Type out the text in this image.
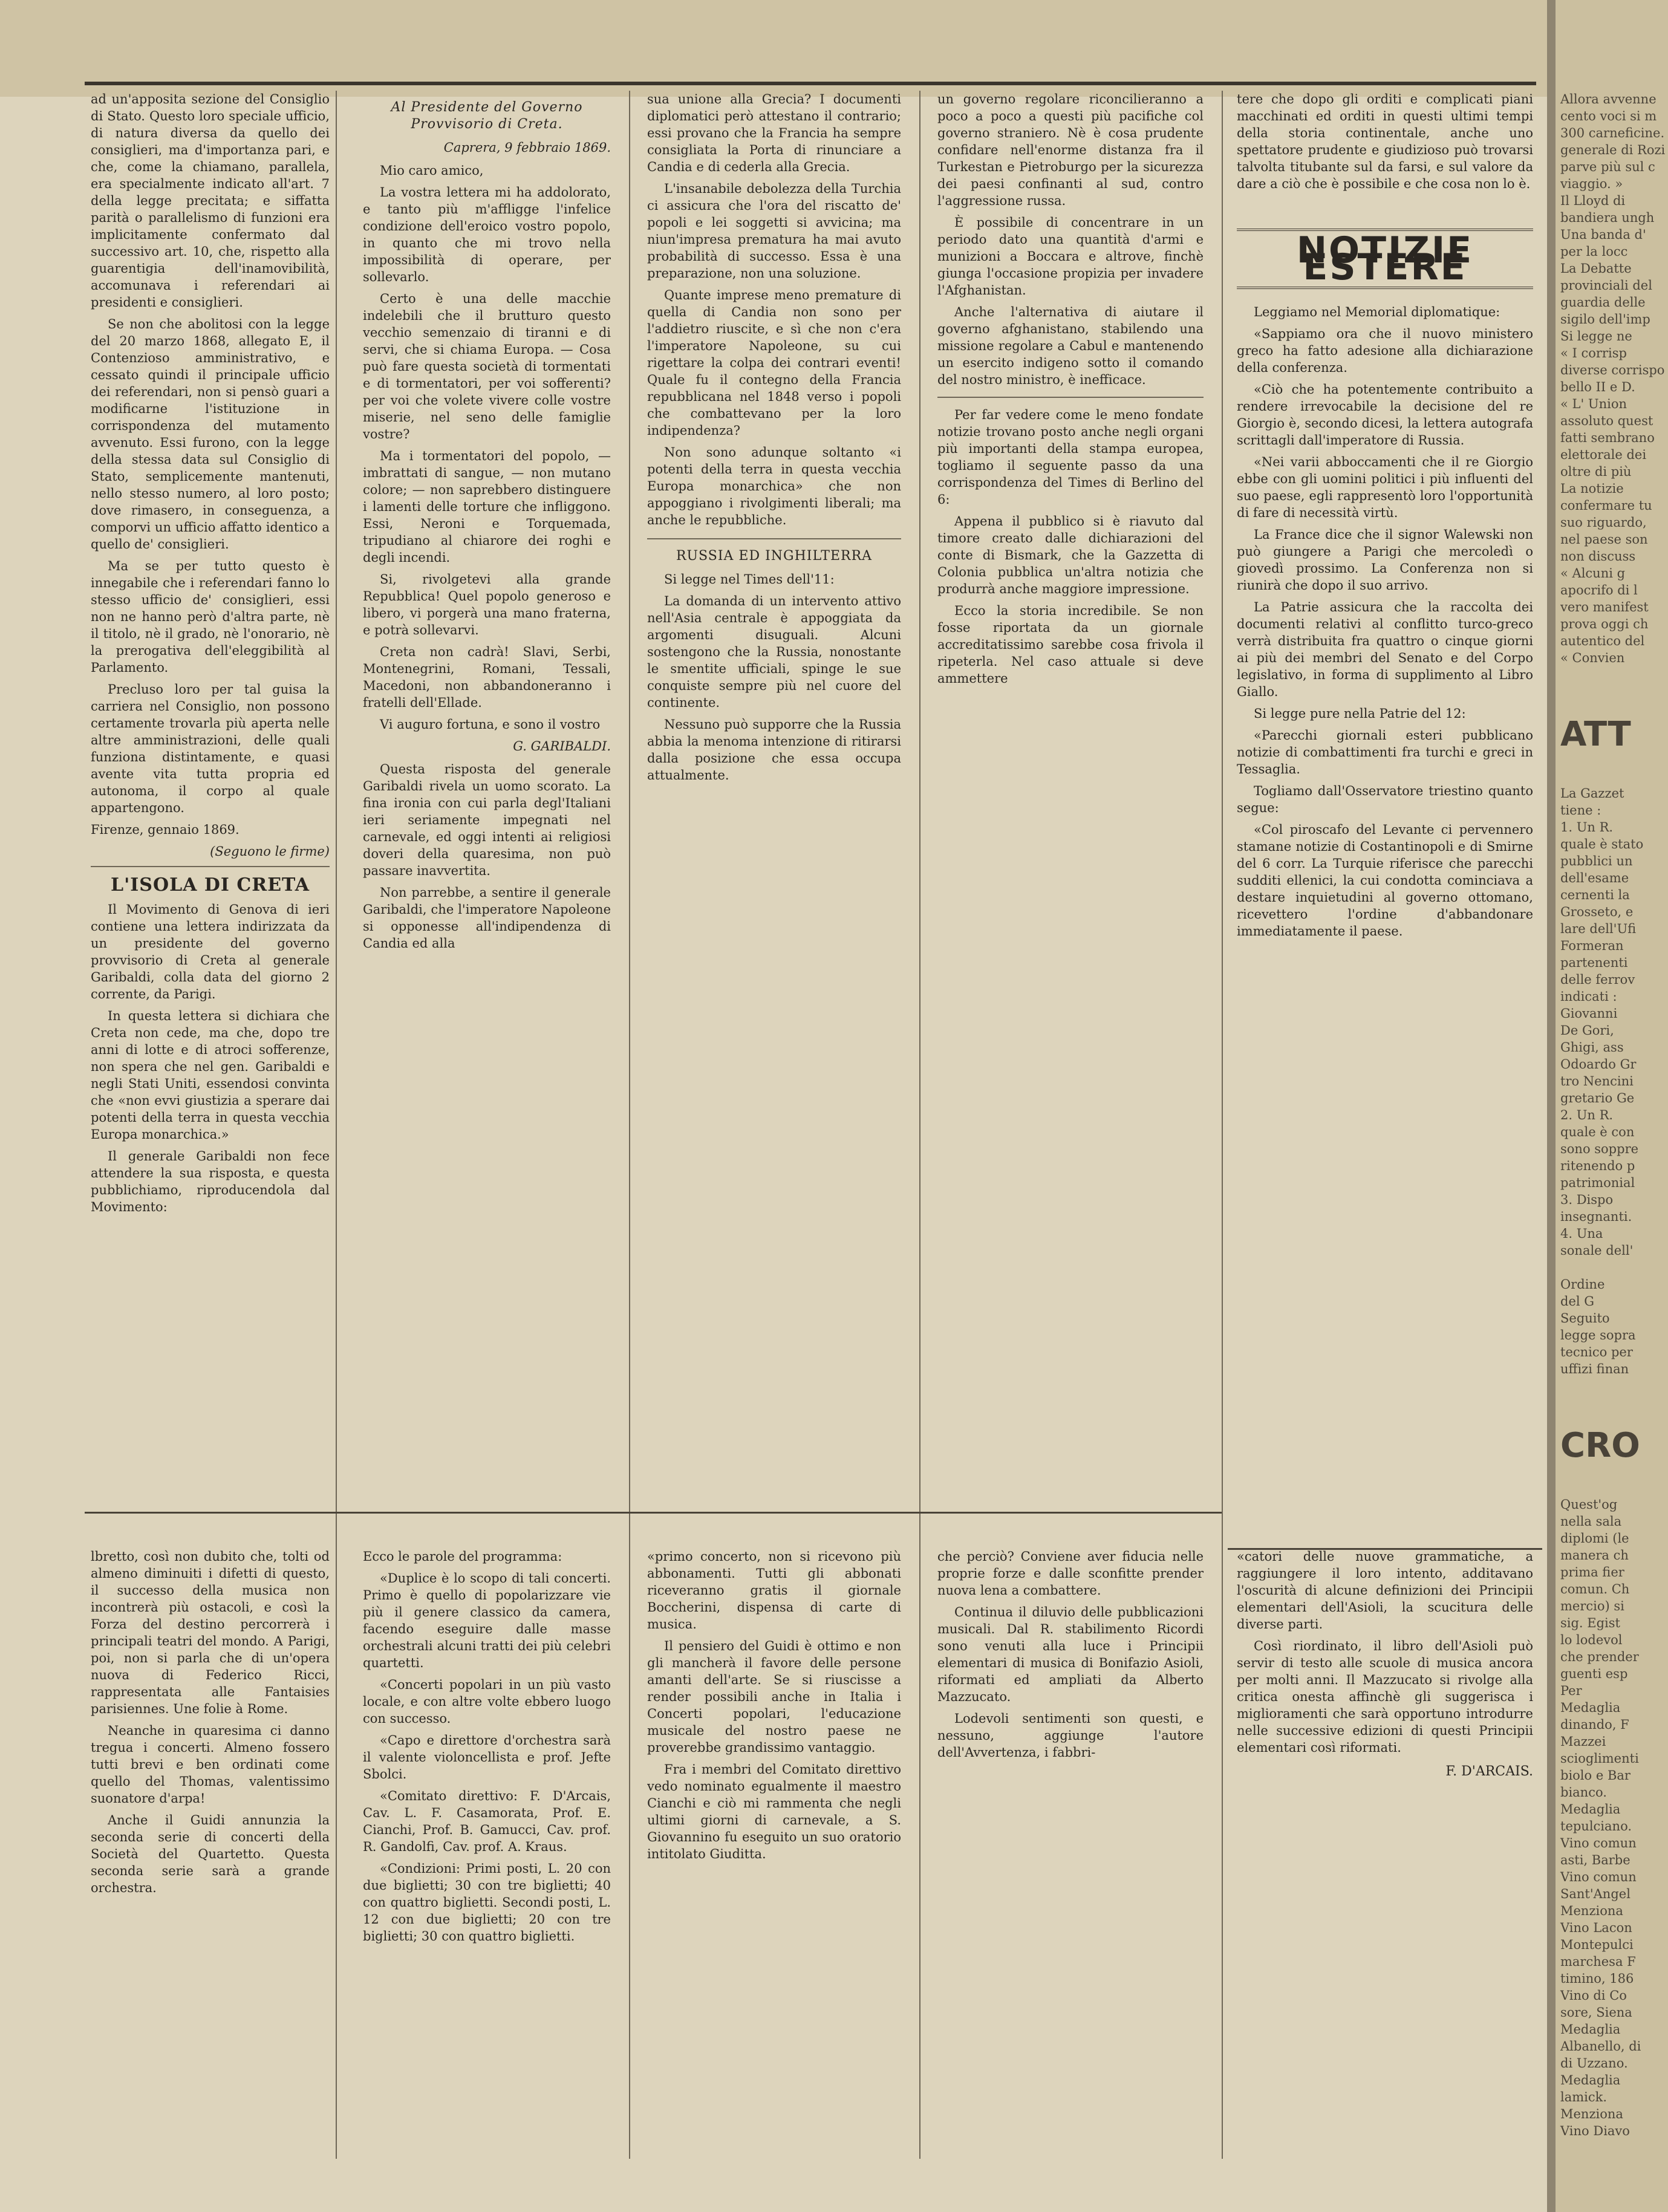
ad un'apposita sezione del Consiglio di Stato. Questo loro speciale ufficio, di natura diversa da quello dei consiglieri, ma d'importanza pari, e che, come la chiamano, parallela, era specialmente indicato all'art. 7 della legge precitata; e siffatta parità o parallelismo di funzioni era implicitamente confermato dal successivo art. 10, che, rispetto alla guarentigia dell'inamovibilità, accomunava i referendari ai presidenti e consiglieri.

Se non che abolitosi con la legge del 20 marzo 1868, allegato E, il Contenzioso amministrativo, e cessato quindi il principale ufficio dei referendari, non si pensò guari a modificarne l'istituzione in corrispondenza del mutamento avvenuto. Essi furono, con la legge della stessa data sul Consiglio di Stato, semplicemente mantenuti, nello stesso numero, al loro posto; dove rimasero, in conseguenza, a comporvi un ufficio affatto identico a quello de' consiglieri.

Ma se per tutto questo è innegabile che i referendari fanno lo stesso ufficio de' consiglieri, essi non ne hanno però d'altra parte, nè il titolo, nè il grado, nè l'onorario, nè la prerogativa dell'eleggibilità al Parlamento.

Precluso loro per tal guisa la carriera nel Consiglio, non possono certamente trovarla più aperta nelle altre amministrazioni, delle quali funziona distintamente, e quasi avente vita tutta propria ed autonoma, il corpo al quale appartengono.

Firenze, gennaio 1869.

(Seguono le firme)
L'ISOLA DI CRETA

Il Movimento di Genova di ieri contiene una lettera indirizzata da un presidente del governo provvisorio di Creta al generale Garibaldi, colla data del giorno 2 corrente, da Parigi.

In questa lettera si dichiara che Creta non cede, ma che, dopo tre anni di lotte e di atroci sofferenze, non spera che nel gen. Garibaldi e negli Stati Uniti, essendosi convinta che «non evvi giustizia a sperare dai potenti della terra in questa vecchia Europa monarchica.»

Il generale Garibaldi non fece attendere la sua risposta, e questa pubblichiamo, riproducendola dal Movimento:

Al Presidente del Governo Provvisorio di Creta.
Caprera, 9 febbraio 1869.

Mio caro amico,

La vostra lettera mi ha addolorato, e tanto più m'affligge l'infelice condizione dell'eroico vostro popolo, in quanto che mi trovo nella impossibilità di operare, per sollevarlo.

Certo è una delle macchie indelebili che il brutturo questo vecchio semenzaio di tiranni e di servi, che si chiama Europa. — Cosa può fare questa società di tormentati e di tormentatori, per voi sofferenti? per voi che volete vivere colle vostre miserie, nel seno delle famiglie vostre?

Ma i tormentatori del popolo, — imbrattati di sangue, — non mutano colore; — non saprebbero distinguere i lamenti delle torture che infliggono. Essi, Neroni e Torquemada, tripudiano al chiarore dei roghi e degli incendi.

Si, rivolgetevi alla grande Repubblica! Quel popolo generoso e libero, vi porgerà una mano fraterna, e potrà sollevarvi.

Creta non cadrà! Slavi, Serbi, Montenegrini, Romani, Tessali, Macedoni, non abbandoneranno i fratelli dell'Ellade.

Vi auguro fortuna, e sono il vostro

G. GARIBALDI.

Questa risposta del generale Garibaldi rivela un uomo scorato. La fina ironia con cui parla degl'Italiani ieri seriamente impegnati nel carnevale, ed oggi intenti ai religiosi doveri della quaresima, non può passare inavvertita.

Non parrebbe, a sentire il generale Garibaldi, che l'imperatore Napoleone si opponesse all'indipendenza di Candia ed alla

sua unione alla Grecia? I documenti diplomatici però attestano il contrario; essi provano che la Francia ha sempre consigliata la Porta di rinunciare a Candia e di cederla alla Grecia.

L'insanabile debolezza della Turchia ci assicura che l'ora del riscatto de' popoli e lei soggetti si avvicina; ma niun'impresa prematura ha mai avuto probabilità di successo. Essa è una preparazione, non una soluzione.

Quante imprese meno premature di quella di Candia non sono per l'addietro riuscite, e sì che non c'era l'imperatore Napoleone, su cui rigettare la colpa dei contrari eventi! Quale fu il contegno della Francia repubblicana nel 1848 verso i popoli che combattevano per la loro indipendenza?

Non sono adunque soltanto «i potenti della terra in questa vecchia Europa monarchica» che non appoggiano i rivolgimenti liberali; ma anche le repubbliche.

RUSSIA ED INGHILTERRA

Si legge nel Times dell'11:

La domanda di un intervento attivo nell'Asia centrale è appoggiata da argomenti disuguali. Alcuni sostengono che la Russia, nonostante le smentite ufficiali, spinge le sue conquiste sempre più nel cuore del continente.

Nessuno può supporre che la Russia abbia la menoma intenzione di ritirarsi dalla posizione che essa occupa attualmente.

un governo regolare riconcilieranno a poco a poco a questi più pacifiche col governo straniero. Nè è cosa prudente confidare nell'enorme distanza fra il Turkestan e Pietroburgo per la sicurezza dei paesi confinanti al sud, contro l'aggressione russa.

È possibile di concentrare in un periodo dato una quantità d'armi e munizioni a Boccara e altrove, finchè giunga l'occasione propizia per invadere l'Afghanistan.

Anche l'alternativa di aiutare il governo afghanistano, stabilendo una missione regolare a Cabul e mantenendo un esercito indigeno sotto il comando del nostro ministro, è inefficace.

Per far vedere come le meno fondate notizie trovano posto anche negli organi più importanti della stampa europea, togliamo il seguente passo da una corrispondenza del Times di Berlino del 6:

Appena il pubblico si è riavuto dal timore creato dalle dichiarazioni del conte di Bismark, che la Gazzetta di Colonia pubblica un'altra notizia che produrrà anche maggiore impressione.

Ecco la storia incredibile. Se non fosse riportata da un giornale accreditatissimo sarebbe cosa frivola il ripeterla. Nel caso attuale si deve ammettere

tere che dopo gli orditi e complicati piani macchinati ed orditi in questi ultimi tempi della storia continentale, anche uno spettatore prudente e giudizioso può trovarsi talvolta titubante sul da farsi, e sul valore da dare a ciò che è possibile e che cosa non lo è.

NOTIZIE ESTERE

Leggiamo nel Memorial diplomatique:

«Sappiamo ora che il nuovo ministero greco ha fatto adesione alla dichiarazione della conferenza.

«Ciò che ha potentemente contribuito a rendere irrevocabile la decisione del re Giorgio è, secondo dicesi, la lettera autografa scrittagli dall'imperatore di Russia.

«Nei varii abboccamenti che il re Giorgio ebbe con gli uomini politici i più influenti del suo paese, egli rappresentò loro l'opportunità di fare di necessità virtù.

La France dice che il signor Walewski non può giungere a Parigi che mercoledì o giovedì prossimo. La Conferenza non si riunirà che dopo il suo arrivo.

La Patrie assicura che la raccolta dei documenti relativi al conflitto turco-greco verrà distribuita fra quattro o cinque giorni ai più dei membri del Senato e del Corpo legislativo, in forma di supplimento al Libro Giallo.

Si legge pure nella Patrie del 12:

«Parecchi giornali esteri pubblicano notizie di combattimenti fra turchi e greci in Tessaglia.

Togliamo dall'Osservatore triestino quanto segue:

«Col piroscafo del Levante ci pervennero stamane notizie di Costantinopoli e di Smirne del 6 corr. La Turquie riferisce che parecchi sudditi ellenici, la cui condotta cominciava a destare inquietudini al governo ottomano, ricevettero l'ordine d'abbandonare immediatamente il paese.

lbretto, così non dubito che, tolti od almeno diminuiti i difetti di questo, il successo della musica non incontrerà più ostacoli, e così la Forza del destino percorrerà i principali teatri del mondo. A Parigi, poi, non si parla che di un'opera nuova di Federico Ricci, rappresentata alle Fantaisies parisiennes. Une folie à Rome.

Neanche in quaresima ci danno tregua i concerti. Almeno fossero tutti brevi e ben ordinati come quello del Thomas, valentissimo suonatore d'arpa!

Anche il Guidi annunzia la seconda serie di concerti della Società del Quartetto. Questa seconda serie sarà a grande orchestra.

Ecco le parole del programma:

«Duplice è lo scopo di tali concerti. Primo è quello di popolarizzare vie più il genere classico da camera, facendo eseguire dalle masse orchestrali alcuni tratti dei più celebri quartetti.

«Concerti popolari in un più vasto locale, e con altre volte ebbero luogo con successo.

«Capo e direttore d'orchestra sarà il valente violoncellista e prof. Jefte Sbolci.

«Comitato direttivo: F. D'Arcais, Cav. L. F. Casamorata, Prof. E. Cianchi, Prof. B. Gamucci, Cav. prof. R. Gandolfi, Cav. prof. A. Kraus.

«Condizioni: Primi posti, L. 20 con due biglietti; 30 con tre biglietti; 40 con quattro biglietti. Secondi posti, L. 12 con due biglietti; 20 con tre biglietti; 30 con quattro biglietti.

«primo concerto, non si ricevono più abbonamenti. Tutti gli abbonati riceveranno gratis il giornale Boccherini, dispensa di carte di musica.

Il pensiero del Guidi è ottimo e non gli mancherà il favore delle persone amanti dell'arte. Se si riuscisse a render possibili anche in Italia i Concerti popolari, l'educazione musicale del nostro paese ne proverebbe grandissimo vantaggio.

Fra i membri del Comitato direttivo vedo nominato egualmente il maestro Cianchi e ciò mi rammenta che negli ultimi giorni di carnevale, a S. Giovannino fu eseguito un suo oratorio intitolato Giuditta.

che perciò? Conviene aver fiducia nelle proprie forze e dalle sconfitte prender nuova lena a combattere.

Continua il diluvio delle pubblicazioni musicali. Dal R. stabilimento Ricordi sono venuti alla luce i Principii elementari di musica di Bonifazio Asioli, riformati ed ampliati da Alberto Mazzucato.

Lodevoli sentimenti son questi, e nessuno, aggiunge l'autore dell'Avvertenza, i fabbri-

«catori delle nuove grammatiche, a raggiungere il loro intento, additavano l'oscurità di alcune definizioni dei Principii elementari dell'Asioli, la scucitura delle diverse parti.

Così riordinato, il libro dell'Asioli può servir di testo alle scuole di musica ancora per molti anni. Il Mazzucato si rivolge alla critica onesta affinchè gli suggerisca i miglioramenti che sarà opportuno introdurre nelle successive edizioni di questi Principii elementari così riformati.

F. D'ARCAIS.
Allora avvenne
cento voci si m
300 carneficine.
generale di Rozi
parve più sul c
viaggio. »
Il Lloyd di
bandiera ungh
Una banda d'
per la locc
La Debatte
provinciali del
guardia delle
sigilo dell'imp
Si legge ne
« I corrisp
diverse corrispo
bello II e D.
« L' Union
assoluto quest
fatti sembrano
elettorale dei
oltre di più
La notizie
confermare tu
suo riguardo,
nel paese son
non discuss
« Alcuni g
apocrifo di l
vero manifest
prova oggi ch
autentico del
« Convien
ATT
La Gazzet
tiene :
1. Un R.
quale è stato
pubblici un
dell'esame
cernenti la
Grosseto, e
lare dell'Ufi
Formeran
partenenti
delle ferrov
indicati :
Giovanni
De Gori,
Ghigi, ass
Odoardo Gr
tro Nencini
gretario Ge
2. Un R.
quale è con
sono soppre
ritenendo p
patrimonial
3. Dispo
insegnanti.
4. Una
sonale dell'
Ordine
del G
Seguito
legge sopra
tecnico per
uffizi finan
CRO
Quest'og
nella sala
diplomi (le
manera ch
prima fier
comun. Ch
mercio) si
sig. Egist
lo lodevol
che prender
guenti esp
Per
Medaglia
dinando, F
Mazzei
scioglimenti
biolo e Bar
bianco.
Medaglia
tepulciano.
Vino comun
asti, Barbe
Vino comun
Sant'Angel
Menziona
Vino Lacon
Montepulci
marchesa F
timino, 186
Vino di Co
sore, Siena
Medaglia
Albanello, di
di Uzzano.
Medaglia
lamick.
Menziona
Vino Diavo
